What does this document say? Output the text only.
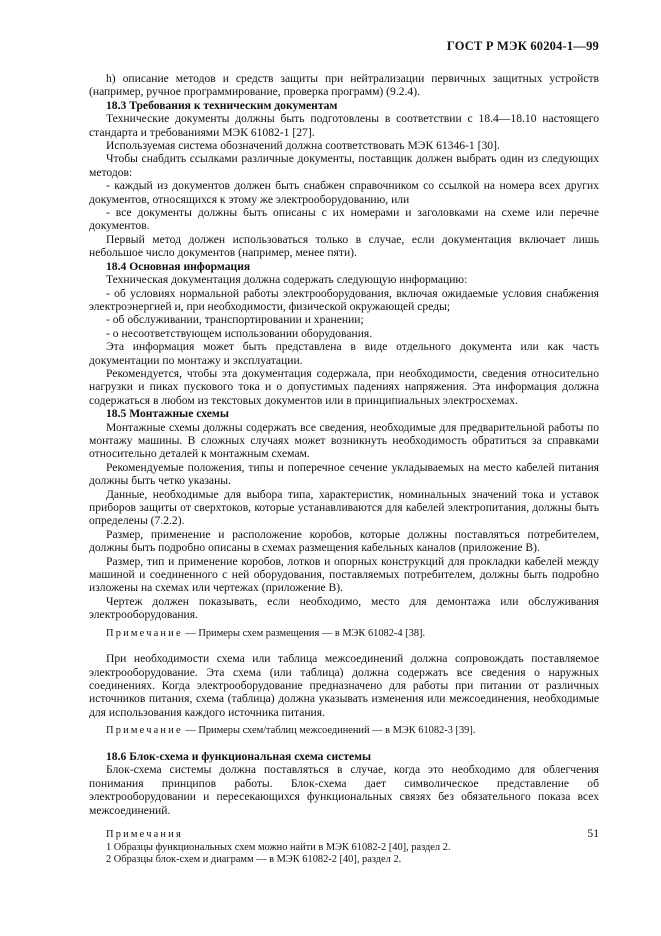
ГОСТ Р МЭК 60204-1—99

h) описание методов и средств защиты при нейтрализации первичных защитных устройств (например, ручное программирование, проверка программ) (9.2.4).

18.3 Требования к техническим документам

Технические документы должны быть подготовлены в соответствии с 18.4—18.10 настоящего стандарта и требованиями МЭК 61082-1 [27].

Используемая система обозначений должна соответствовать МЭК 61346-1 [30].

Чтобы снабдить ссылками различные документы, поставщик должен выбрать один из следующих методов:

- каждый из документов должен быть снабжен справочником со ссылкой на номера всех других документов, относящихся к этому же электрооборудованию, или

- все документы должны быть описаны с их номерами и заголовками на схеме или перечне документов.

Первый метод должен использоваться только в случае, если документация включает лишь небольшое число документов (например, менее пяти).

18.4 Основная информация

Техническая документация должна содержать следующую информацию:

- об условиях нормальной работы электрооборудования, включая ожидаемые условия снабжения электроэнергией и, при необходимости, физической окружающей среды;

- об обслуживании, транспортировании и хранении;

- о несоответствующем использовании оборудования.

Эта информация может быть представлена в виде отдельного документа или как часть документации по монтажу и эксплуатации.

Рекомендуется, чтобы эта документация содержала, при необходимости, сведения относительно нагрузки и пиках пускового тока и о допустимых падениях напряжения. Эта информация должна содержаться в любом из текстовых документов или в принципиальных электросхемах.

18.5 Монтажные схемы

Монтажные схемы должны содержать все сведения, необходимые для предварительной работы по монтажу машины. В сложных случаях может возникнуть необходимость обратиться за справками относительно деталей к монтажным схемам.

Рекомендуемые положения, типы и поперечное сечение укладываемых на место кабелей питания должны быть четко указаны.

Данные, необходимые для выбора типа, характеристик, номинальных значений тока и уставок приборов защиты от сверхтоков, которые устанавливаются для кабелей электропитания, должны быть определены (7.2.2).

Размер, применение и расположение коробов, которые должны поставляться потребителем, должны быть подробно описаны в схемах размещения кабельных каналов (приложение В).

Размер, тип и применение коробов, лотков и опорных конструкций для прокладки кабелей между машиной и соединенного с ней оборудования, поставляемых потребителем, должны быть подробно изложены на схемах или чертежах (приложение В).

Чертеж должен показывать, если необходимо, место для демонтажа или обслуживания электрооборудования.

Примечание — Примеры схем размещения — в МЭК 61082-4 [38].

При необходимости схема или таблица межсоединений должна сопровождать поставляемое электрооборудование. Эта схема (или таблица) должна содержать все сведения о наружных соединениях. Когда электрооборудование предназначено для работы при питании от различных источников питания, схема (таблица) должна указывать изменения или межсоединения, необходимые для использования каждого источника питания.

Примечание — Примеры схем/таблиц межсоединений — в МЭК 61082-3 [39].

18.6 Блок-схема и функциональная схема системы

Блок-схема системы должна поставляться в случае, когда это необходимо для облегчения понимания принципов работы. Блок-схема дает символическое представление об электрооборудовании и пересекающихся функциональных связях без обязательного показа всех межсоединений.

Примечания

1 Образцы функциональных схем можно найти в МЭК 61082-2 [40], раздел 2.

2 Образцы блок-схем и диаграмм — в МЭК 61082-2 [40], раздел 2.

51
